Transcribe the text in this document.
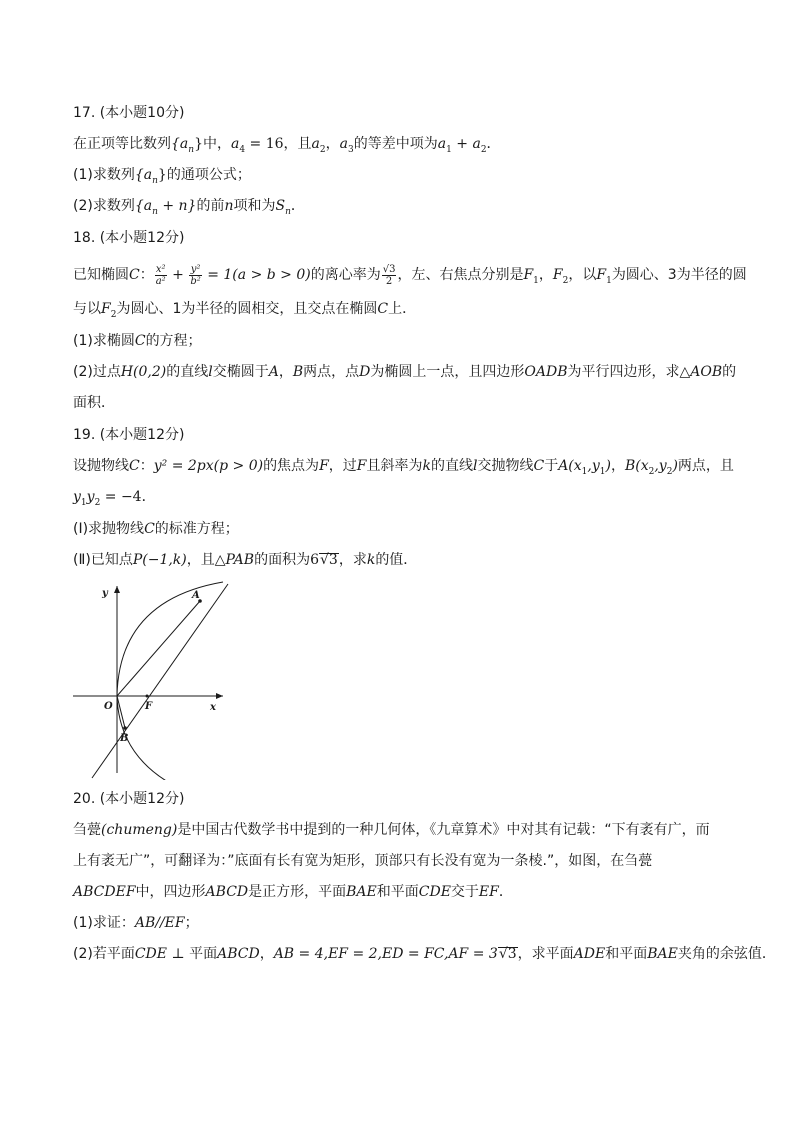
17. (本小题10分)
在正项等比数列$\{a_n\}$中，$a_4 = 16$，且$a_2$，$a_3$的等差中项为$a_1 + a_2$．
(1)求数列$\{a_n\}$的通项公式；
(2)求数列$\{a_n + n\}$的前n项和为$S_n$．
18. (本小题12分)
已知椭圆C： $\frac{\text{x²}}{\text{a²}} + \frac{\text{y²}}{\text{b²}} = 1(a > b > 0)$的离心率为 $\frac{√3}{2}$ ，左、右焦点分别是$F_1$，$F_2$，以$F_1$为圆心、3为半径的圆
与以$F_2$为圆心、1为半径的圆相交，且交点在椭圆C上．
(1)求椭圆C的方程；
(2)过点H(0,2)的直线l交椭圆于A，B两点，点D为椭圆上一点，且四边形OADB为平行四边形，求△AOB的
面积．
19. (本小题12分)
设抛物线C：y² = 2px(p > 0)的焦点为F，过F且斜率为k的直线l交抛物线C于$A(x_1,y_1)$，$B(x_2,y_2)$两点，且
$y_1y_2 = -4$．
(Ⅰ)求抛物线C的标准方程；
(Ⅱ)已知点P(−1,k)，且△PAB的面积为6√3，求k的值．
y
x
O	F
A
B
20. (本小题12分)
刍甍(chumeng)是中国古代数学书中提到的一种几何体，《九章算术》中对其有记载：“下有袤有广，而
上有袤无广”，可翻译为：”底面有长有宽为矩形，顶部只有长没有宽为一条棱.”，如图，在刍甍
ABCDEF中，四边形ABCD是正方形，平面BAE和平面CDE交于EF．
(1)求证：AB//EF；
(2)若平面CDE ⊥ 平面ABCD，AB = 4,EF = 2,ED = FC,AF = 3√3，求平面ADE和平面BAE夹角的余弦值．
